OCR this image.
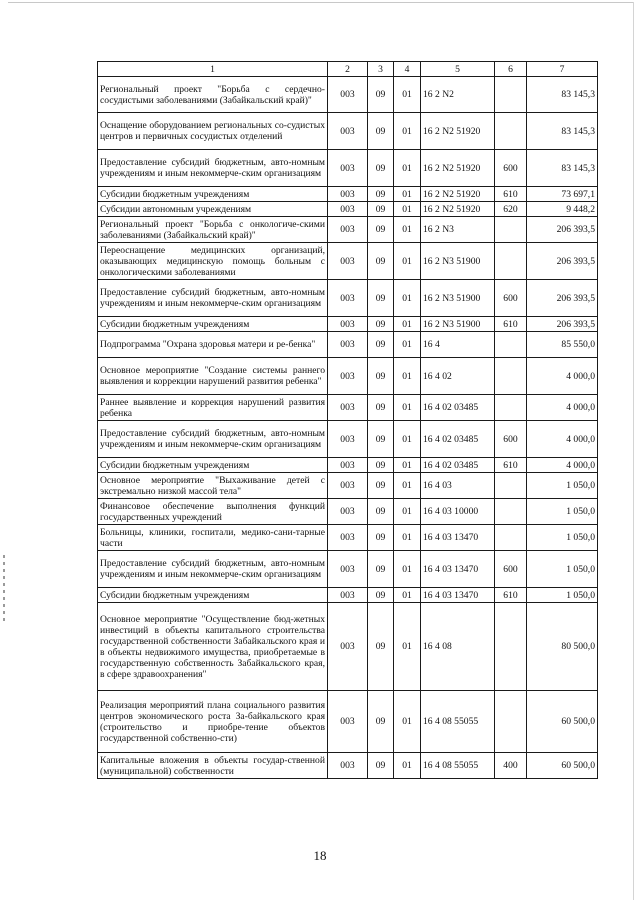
1	2	3	4	5	6	7
Региональный проект "Борьба с сердечно-сосудистыми заболеваниями (Забайкальский край)"	003	09	01	16 2 N2		83 145,3
Оснащение оборудованием региональных со-судистых центров и первичных сосудистых отделений	003	09	01	16 2 N2 51920		83 145,3
Предоставление субсидий бюджетным, авто-номным учреждениям и иным некоммерче-ским организациям	003	09	01	16 2 N2 51920	600	83 145,3
Субсидии бюджетным учреждениям	003	09	01	16 2 N2 51920	610	73 697,1
Субсидии автономным учреждениям	003	09	01	16 2 N2 51920	620	9 448,2
Региональный проект "Борьба с онкологиче-скими заболеваниями (Забайкальский край)"	003	09	01	16 2 N3		206 393,5
Переоснащение медицинских организаций, оказывающих медицинскую помощь больным с онкологическими заболеваниями	003	09	01	16 2 N3 51900		206 393,5
Предоставление субсидий бюджетным, авто-номным учреждениям и иным некоммерче-ским организациям	003	09	01	16 2 N3 51900	600	206 393,5
Субсидии бюджетным учреждениям	003	09	01	16 2 N3 51900	610	206 393,5
Подпрограмма "Охрана здоровья матери и ре-бенка"	003	09	01	16 4		85 550,0
Основное мероприятие "Создание системы раннего выявления и коррекции нарушений развития ребенка"	003	09	01	16 4 02		4 000,0
Раннее выявление и коррекция нарушений развития ребенка	003	09	01	16 4 02 03485		4 000,0
Предоставление субсидий бюджетным, авто-номным учреждениям и иным некоммерче-ским организациям	003	09	01	16 4 02 03485	600	4 000,0
Субсидии бюджетным учреждениям	003	09	01	16 4 02 03485	610	4 000,0
Основное мероприятие "Выхаживание детей с экстремально низкой массой тела"	003	09	01	16 4 03		1 050,0
Финансовое обеспечение выполнения функций государственных учреждений	003	09	01	16 4 03 10000		1 050,0
Больницы, клиники, госпитали, медико-сани-тарные части	003	09	01	16 4 03 13470		1 050,0
Предоставление субсидий бюджетным, авто-номным учреждениям и иным некоммерче-ским организациям	003	09	01	16 4 03 13470	600	1 050,0
Субсидии бюджетным учреждениям	003	09	01	16 4 03 13470	610	1 050,0
Основное мероприятие "Осуществление бюд-жетных инвестиций в объекты капитального строительства государственной собственности Забайкальского края и в объекты недвижимого имущества, приобретаемые в государственную собственность Забайкальского края, в сфере здравоохранения"	003	09	01	16 4 08		80 500,0
Реализация мероприятий плана социального развития центров экономического роста За-байкальского края (строительство и приобре-тение объектов государственной собственно-сти)	003	09	01	16 4 08 55055		60 500,0
Капитальные вложения в объекты государ-ственной (муниципальной) собственности	003	09	01	16 4 08 55055	400	60 500,0
18
